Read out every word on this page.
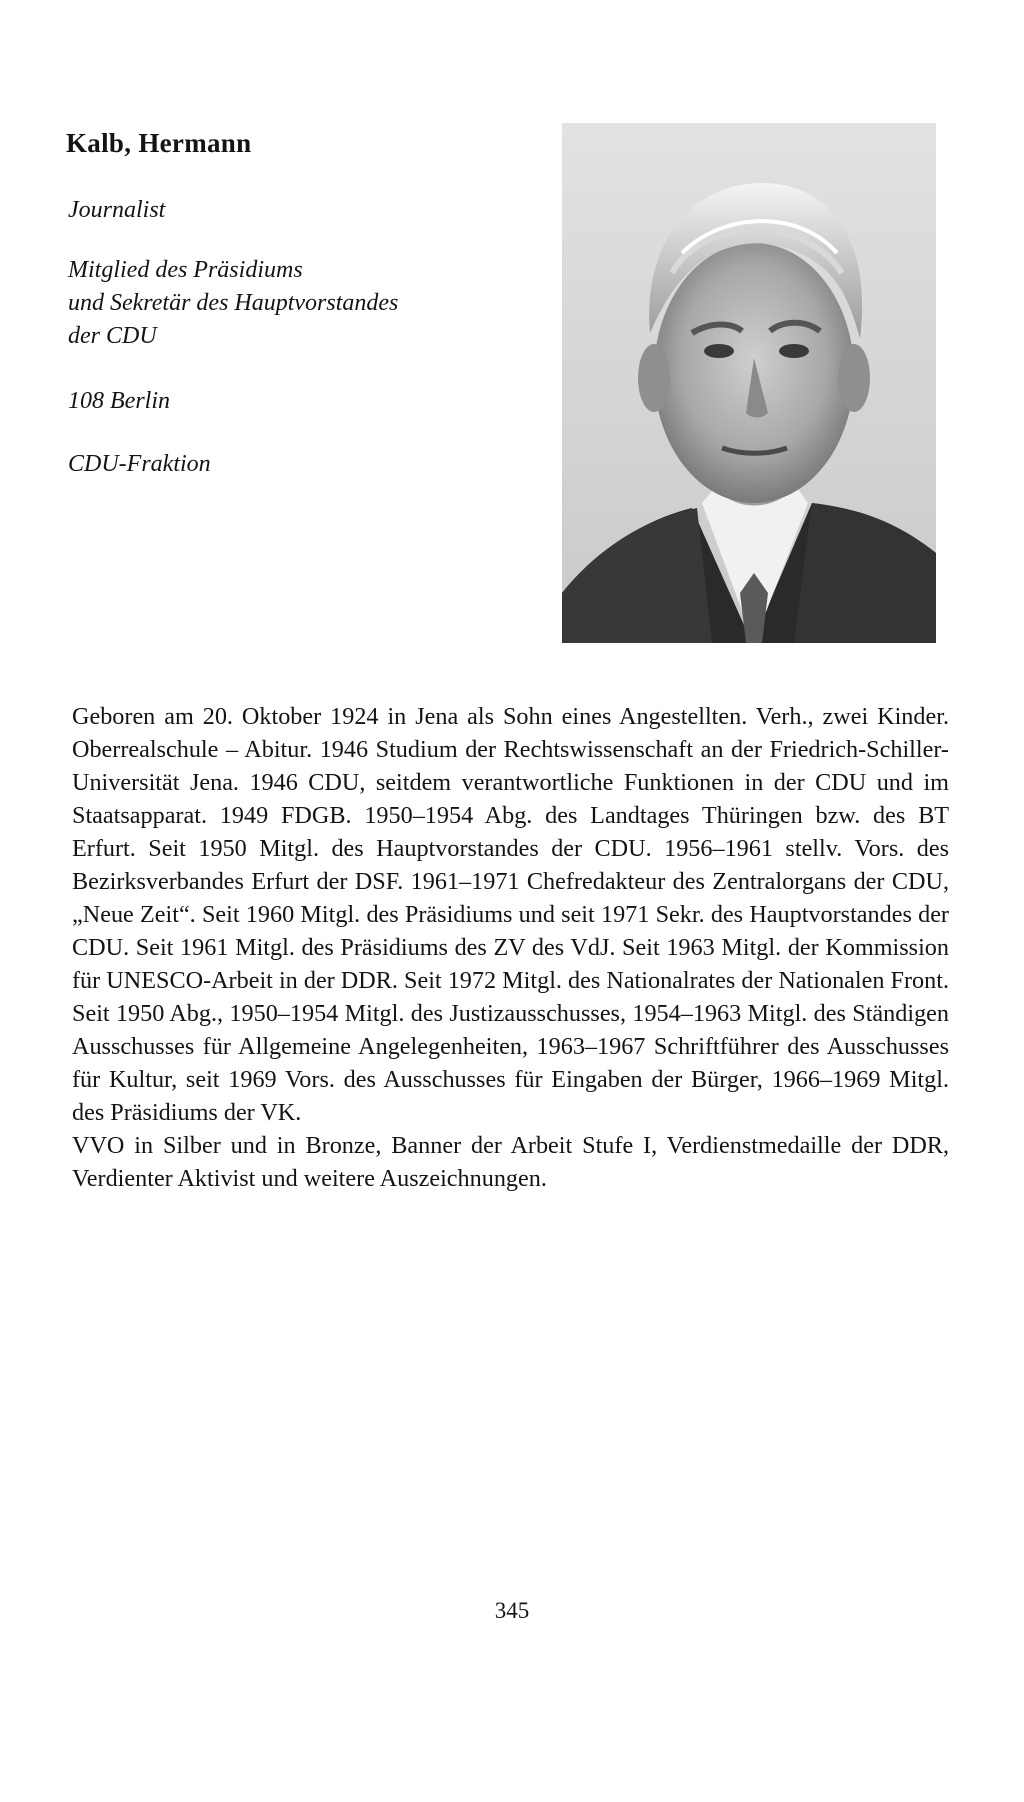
Kalb, Hermann
Journalist
Mitglied des Präsidiums
und Sekretär des Hauptvorstandes
der CDU
108 Berlin
CDU-Fraktion

Geboren am 20. Oktober 1924 in Jena als Sohn eines Angestellten. Verh., zwei Kinder. Oberrealschule – Abitur. 1946 Studium der Rechtswissenschaft an der Friedrich-Schiller-Universität Jena. 1946 CDU, seitdem verantwortliche Funktionen in der CDU und im Staatsapparat. 1949 FDGB. 1950–1954 Abg. des Landtages Thüringen bzw. des BT Erfurt. Seit 1950 Mitgl. des Hauptvorstandes der CDU. 1956–1961 stellv. Vors. des Bezirksverbandes Erfurt der DSF. 1961–1971 Chefredakteur des Zentralorgans der CDU, „Neue Zeit“. Seit 1960 Mitgl. des Präsidiums und seit 1971 Sekr. des Hauptvorstandes der CDU. Seit 1961 Mitgl. des Präsidiums des ZV des VdJ. Seit 1963 Mitgl. der Kommission für UNESCO-Arbeit in der DDR. Seit 1972 Mitgl. des Nationalrates der Nationalen Front. Seit 1950 Abg., 1950–1954 Mitgl. des Justizausschusses, 1954–1963 Mitgl. des Ständigen Ausschusses für Allgemeine Angelegenheiten, 1963–1967 Schriftführer des Ausschusses für Kultur, seit 1969 Vors. des Ausschusses für Eingaben der Bürger, 1966–1969 Mitgl. des Präsidiums der VK.

VVO in Silber und in Bronze, Banner der Arbeit Stufe I, Verdienstmedaille der DDR, Verdienter Aktivist und weitere Auszeichnungen.

345
